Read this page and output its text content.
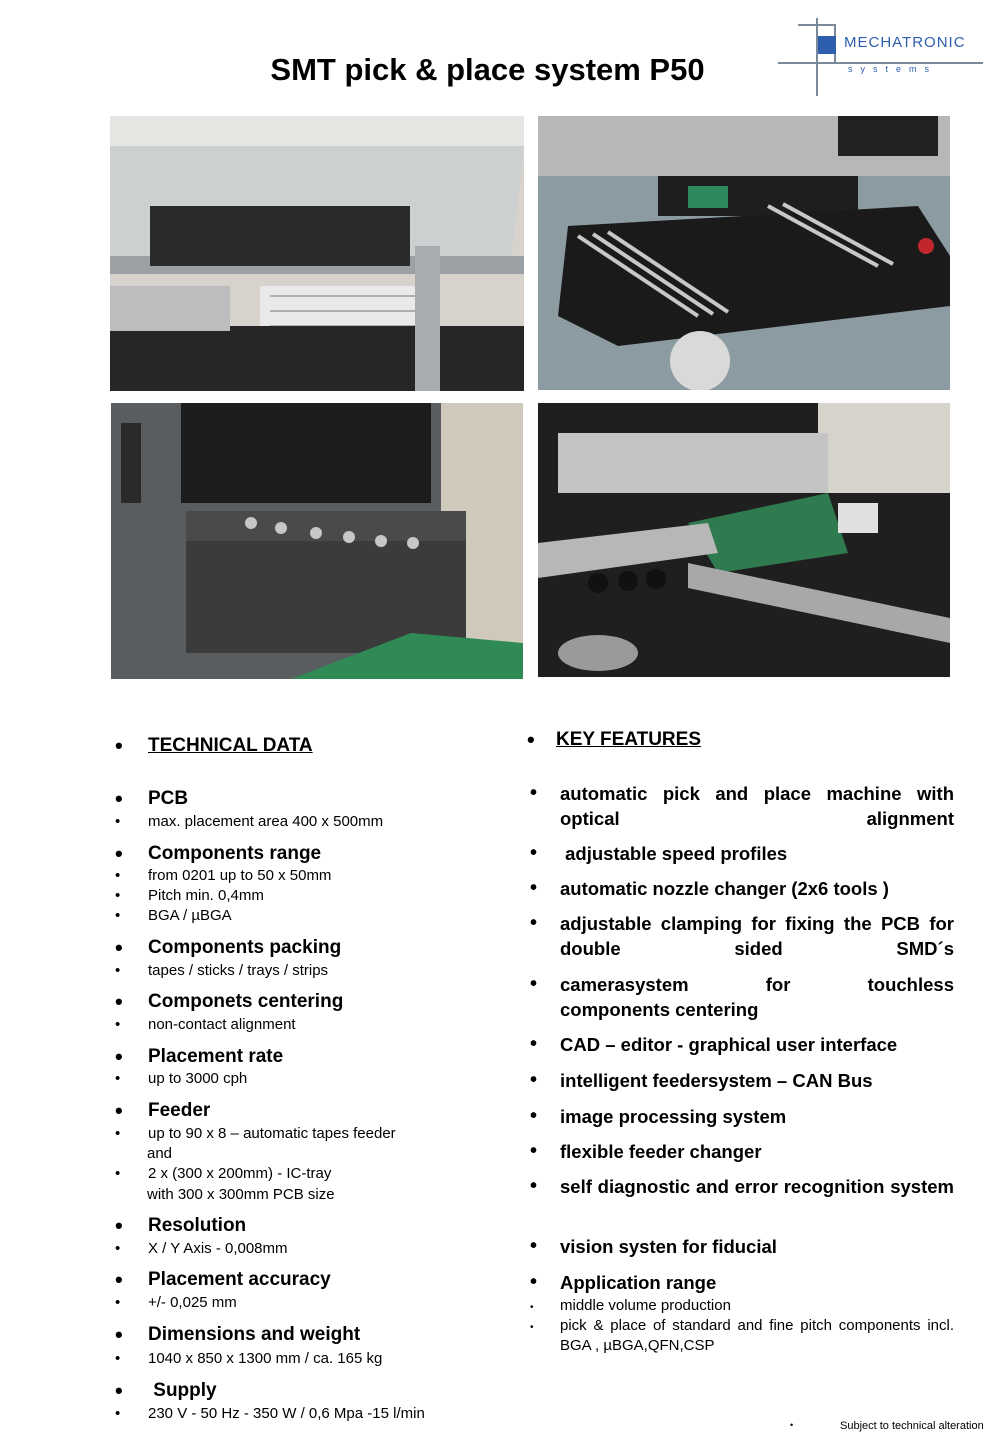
MECHATRONIC
systems
SMT pick & place system P50
• TECHNICAL DATA
• PCB
• max. placement area 400 x 500mm
• Components range
• from 0201 up to 50 x 50mm
• Pitch min. 0,4mm
• BGA / µBGA
• Components packing
• tapes / sticks / trays / strips
• Componets centering
• non-contact alignment
• Placement rate
• up to 3000 cph
• Feeder
• up to 90 x 8 – automatic tapes feeder
and
• 2 x (300 x 200mm) - IC-tray
with 300 x 300mm PCB size
• Resolution
• X / Y Axis - 0,008mm
• Placement accuracy
• +/- 0,025 mm
• Dimensions and weight
• 1040 x 850 x 1300 mm / ca. 165 kg
• Supply
• 230 V - 50 Hz - 350 W / 0,6 Mpa -15 l/min
• KEY FEATURES
• automatic pick and place machine with optical alignment
• adjustable speed profiles
• automatic nozzle changer (2x6 tools )
• adjustable clamping for fixing the PCB for double sided SMD´s
• camerasystem for touchless
components centering
• CAD – editor - graphical user interface
• intelligent feedersystem – CAN Bus
• image processing system
• flexible feeder changer
• self diagnostic and error recognition system
• vision systen for fiducial
• Application range
• middle volume production
• pick & place of standard and fine pitch components incl. BGA , µBGA,QFN,CSP
•	Subject to technical alteration
